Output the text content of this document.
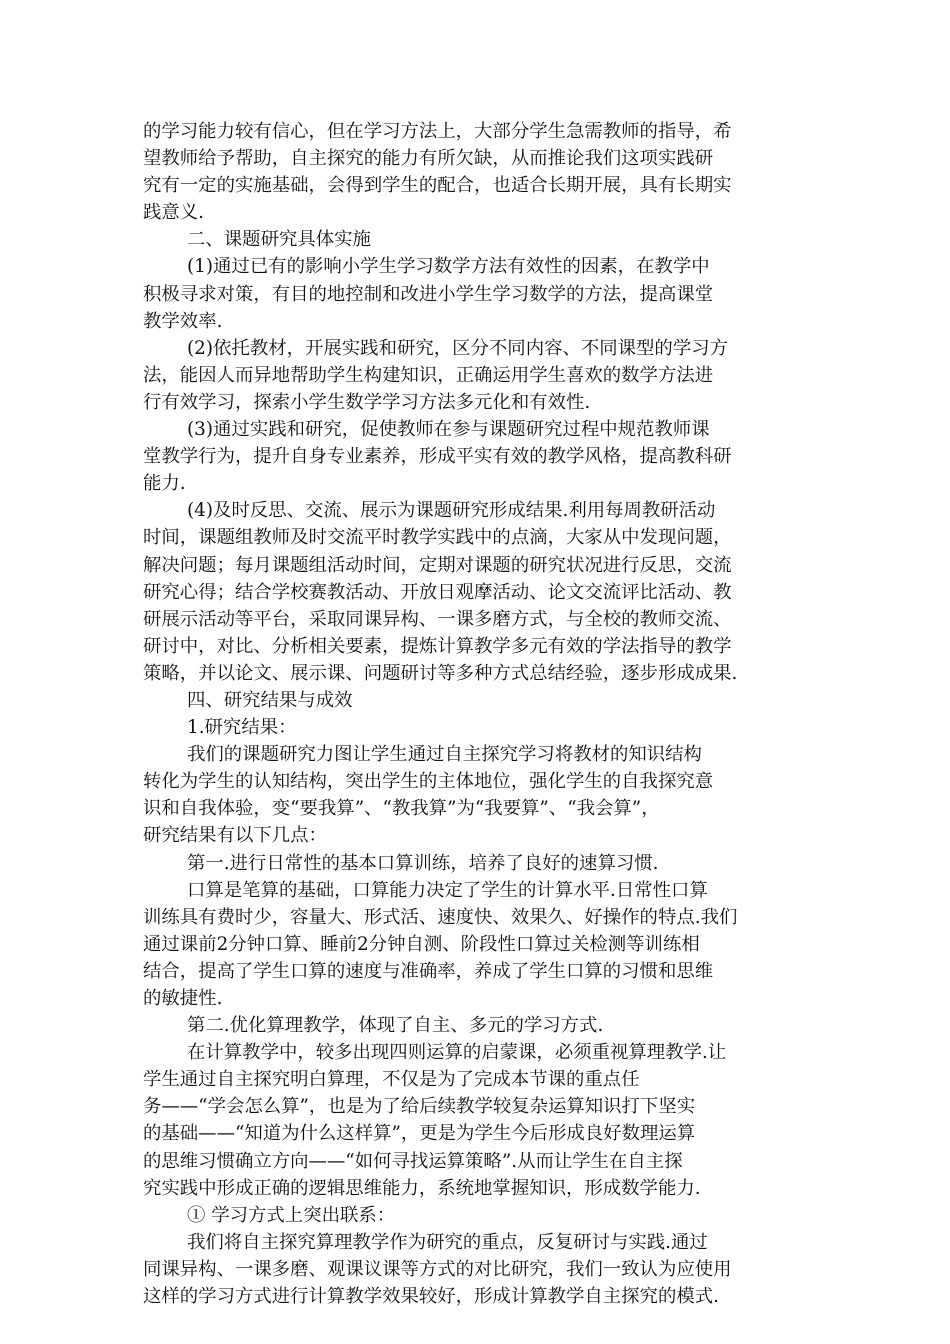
的学习能力较有信心，但在学习方法上，大部分学生急需教师的指导，希
望教师给予帮助，自主探究的能力有所欠缺，从而推论我们这项实践研
究有一定的实施基础，会得到学生的配合，也适合长期开展，具有长期实
践意义.
二、课题研究具体实施
(1)通过已有的影响小学生学习数学方法有效性的因素，在教学中
积极寻求对策，有目的地控制和改进小学生学习数学的方法，提高课堂
教学效率.
(2)依托教材，开展实践和研究，区分不同内容、不同课型的学习方
法，能因人而异地帮助学生构建知识，正确运用学生喜欢的数学方法进
行有效学习，探索小学生数学学习方法多元化和有效性.
(3)通过实践和研究，促使教师在参与课题研究过程中规范教师课
堂教学行为，提升自身专业素养，形成平实有效的教学风格，提高教科研
能力.
(4)及时反思、交流、展示为课题研究形成结果.利用每周教研活动
时间，课题组教师及时交流平时教学实践中的点滴，大家从中发现问题，
解决问题；每月课题组活动时间，定期对课题的研究状况进行反思，交流
研究心得；结合学校赛教活动、开放日观摩活动、论文交流评比活动、教
研展示活动等平台，采取同课异构、一课多磨方式，与全校的教师交流、
研讨中，对比、分析相关要素，提炼计算教学多元有效的学法指导的教学
策略，并以论文、展示课、问题研讨等多种方式总结经验，逐步形成成果.
四、研究结果与成效
1.研究结果：
我们的课题研究力图让学生通过自主探究学习将教材的知识结构
转化为学生的认知结构，突出学生的主体地位，强化学生的自我探究意
识和自我体验，变“要我算”、“教我算”为“我要算”、“我会算”，
研究结果有以下几点：
第一.进行日常性的基本口算训练，培养了良好的速算习惯.
口算是笔算的基础，口算能力决定了学生的计算水平.日常性口算
训练具有费时少，容量大、形式活、速度快、效果久、好操作的特点.我们
通过课前2分钟口算、睡前2分钟自测、阶段性口算过关检测等训练相
结合，提高了学生口算的速度与准确率，养成了学生口算的习惯和思维
的敏捷性.
第二.优化算理教学，体现了自主、多元的学习方式.
在计算教学中，较多出现四则运算的启蒙课，必须重视算理教学.让
学生通过自主探究明白算理，不仅是为了完成本节课的重点任
务——“学会怎么算”，也是为了给后续教学较复杂运算知识打下坚实
的基础——“知道为什么这样算”，更是为学生今后形成良好数理运算
的思维习惯确立方向——“如何寻找运算策略”.从而让学生在自主探
究实践中形成正确的逻辑思维能力，系统地掌握知识，形成数学能力.
① 学习方式上突出联系：
我们将自主探究算理教学作为研究的重点，反复研讨与实践.通过
同课异构、一课多磨、观课议课等方式的对比研究，我们一致认为应使用
这样的学习方式进行计算教学效果较好，形成计算教学自主探究的模式.
